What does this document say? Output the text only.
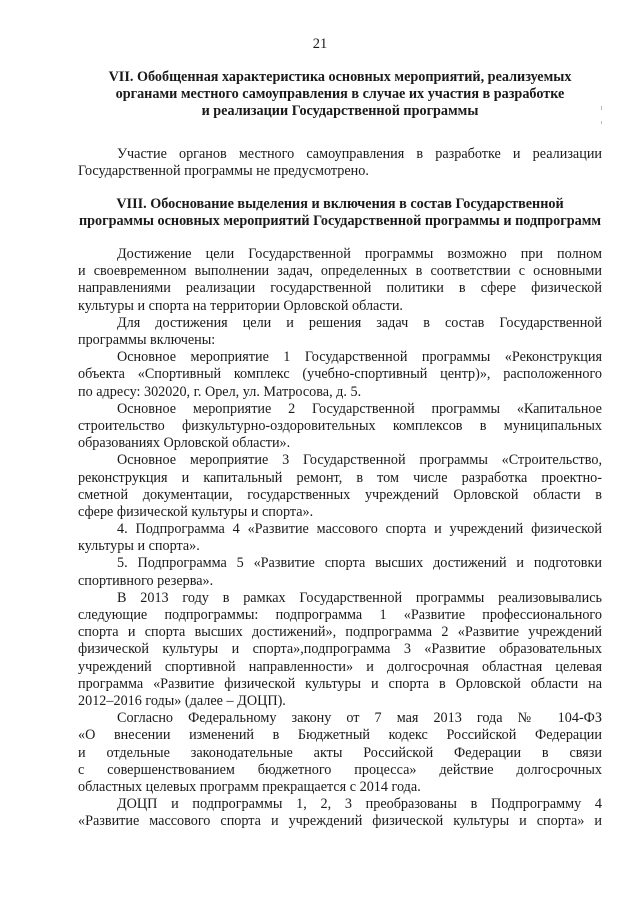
21
VII. Обобщенная характеристика основных мероприятий, реализуемых
органами местного самоуправления в случае их участия в разработке
и реализации Государственной программы
Участие органов местного самоуправления в разработке и реализации
Государственной программы не предусмотрено.
VIII. Обоснование выделения и включения в состав Государственной
программы основных мероприятий Государственной программы и подпрограмм
Достижение цели Государственной программы возможно при полном
и своевременном выполнении задач, определенных в соответствии с основными
направлениями реализации государственной политики в сфере физической
культуры и спорта на территории Орловской области.
Для достижения цели и решения задач в состав Государственной
программы включены:
Основное мероприятие 1 Государственной программы «Реконструкция
объекта «Спортивный комплекс (учебно-спортивный центр)», расположенного
по адресу: 302020, г. Орел, ул. Матросова, д. 5.
Основное мероприятие 2 Государственной программы «Капитальное
строительство физкультурно-оздоровительных комплексов в муниципальных
образованиях Орловской области».
Основное мероприятие 3 Государственной программы «Строительство,
реконструкция и капитальный ремонт, в том числе разработка проектно-
сметной документации, государственных учреждений Орловской области в
сфере физической культуры и спорта».
4. Подпрограмма 4 «Развитие массового спорта и учреждений физической
культуры и спорта».
5. Подпрограмма 5 «Развитие спорта высших достижений и подготовки
спортивного резерва».
В 2013 году в рамках Государственной программы реализовывались
следующие подпрограммы: подпрограмма 1 «Развитие профессионального
спорта и спорта высших достижений», подпрограмма 2 «Развитие учреждений
физической культуры и спорта»,подпрограмма 3 «Развитие образовательных
учреждений спортивной направленности» и долгосрочная областная целевая
программа «Развитие физической культуры и спорта в Орловской области на
2012–2016 годы» (далее – ДОЦП).
Согласно Федеральному закону от 7 мая 2013 года № 104-ФЗ
«О внесении изменений в Бюджетный кодекс Российской Федерации
и отдельные законодательные акты Российской Федерации в связи
с совершенствованием бюджетного процесса» действие долгосрочных
областных целевых программ прекращается с 2014 года.
ДОЦП и подпрограммы 1, 2, 3 преобразованы в Подпрограмму 4
«Развитие массового спорта и учреждений физической культуры и спорта» и
